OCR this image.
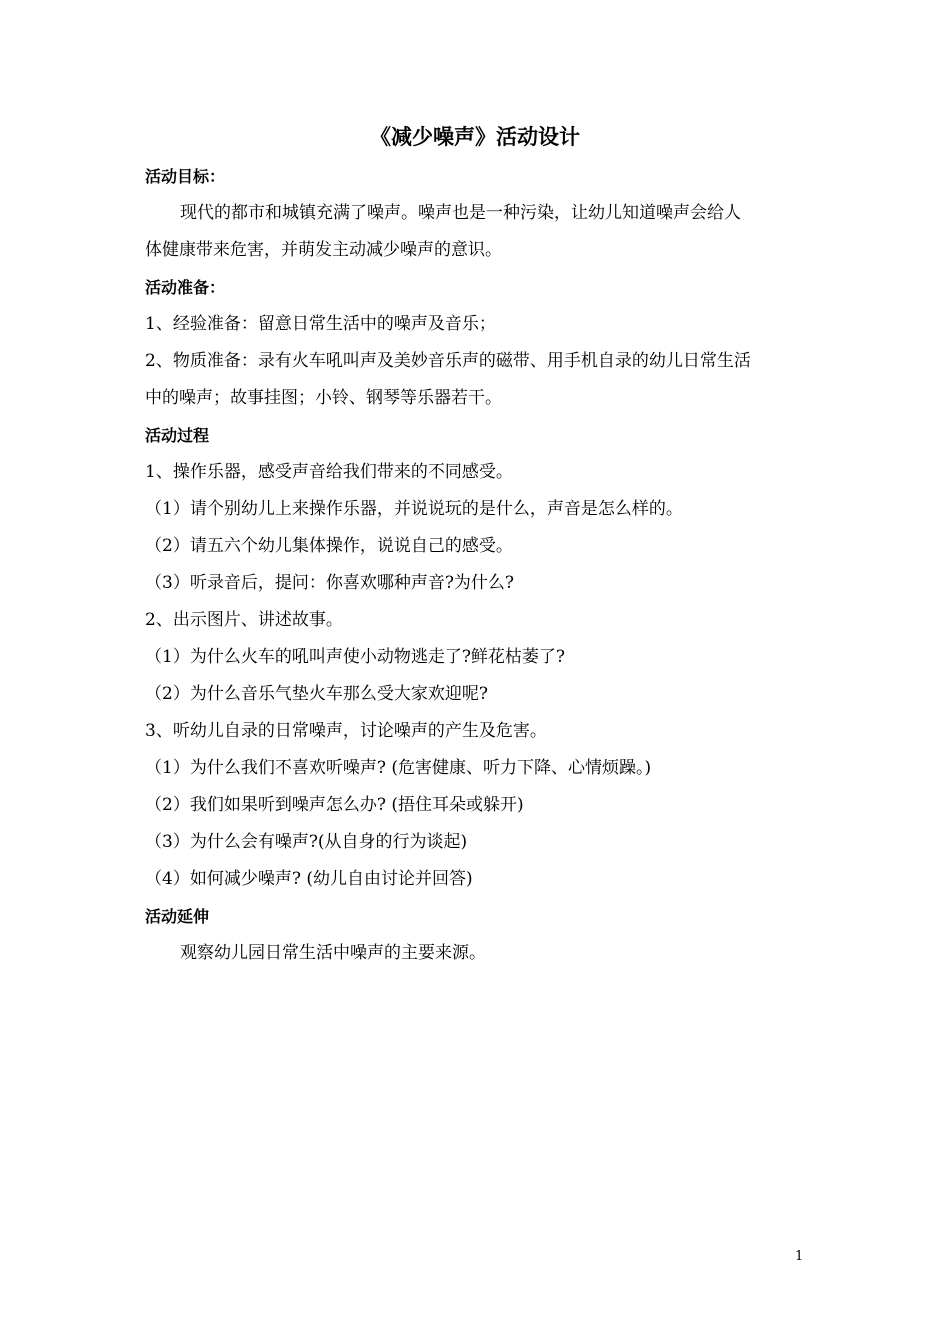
《减少噪声》活动设计
活动目标：
现代的都市和城镇充满了噪声。噪声也是一种污染，让幼儿知道噪声会给人
体健康带来危害，并萌发主动减少噪声的意识。
活动准备：
1、经验准备：留意日常生活中的噪声及音乐；
2、物质准备：录有火车吼叫声及美妙音乐声的磁带、用手机自录的幼儿日常生活
中的噪声；故事挂图；小铃、钢琴等乐器若干。
活动过程
1、操作乐器，感受声音给我们带来的不同感受。
（1）请个别幼儿上来操作乐器，并说说玩的是什么，声音是怎么样的。
（2）请五六个幼儿集体操作，说说自己的感受。
（3）听录音后，提问：你喜欢哪种声音?为什么?
2、出示图片、讲述故事。
（1）为什么火车的吼叫声使小动物逃走了?鲜花枯萎了?
（2）为什么音乐气垫火车那么受大家欢迎呢?
3、听幼儿自录的日常噪声，讨论噪声的产生及危害。
（1）为什么我们不喜欢听噪声? (危害健康、听力下降、心情烦躁。)
（2）我们如果听到噪声怎么办? (捂住耳朵或躲开)
（3）为什么会有噪声?(从自身的行为谈起)
（4）如何减少噪声? (幼儿自由讨论并回答)
活动延伸
观察幼儿园日常生活中噪声的主要来源。
1
